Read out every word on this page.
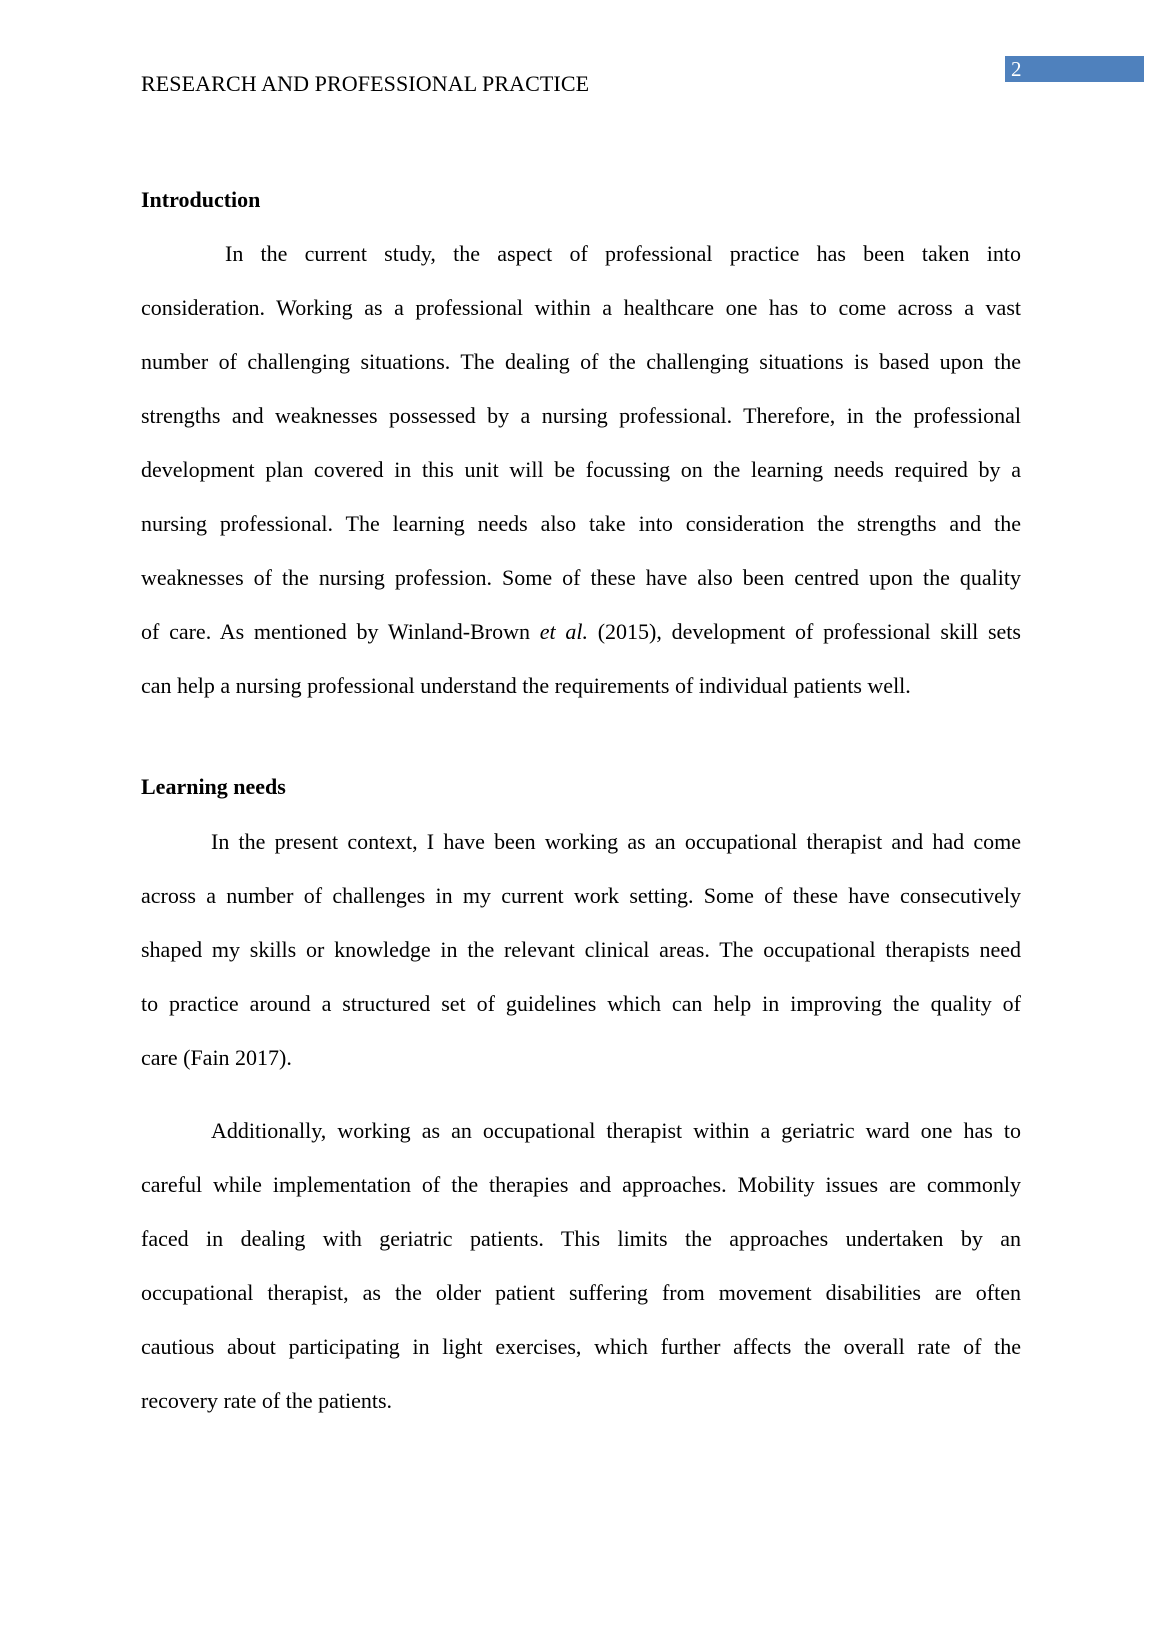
2
RESEARCH AND PROFESSIONAL PRACTICE
Introduction
In the current study, the aspect of professional practice has been taken into
consideration. Working as a professional within a healthcare one has to come across a vast
number of challenging situations. The dealing of the challenging situations is based upon the
strengths and weaknesses possessed by a nursing professional. Therefore, in the professional
development plan covered in this unit will be focussing on the learning needs required by a
nursing professional. The learning needs also take into consideration the strengths and the
weaknesses of the nursing profession. Some of these have also been centred upon the quality
of care. As mentioned by Winland-Brown et al. (2015), development of professional skill sets
can help a nursing professional understand the requirements of individual patients well.
Learning needs
In the present context, I have been working as an occupational therapist and had come
across a number of challenges in my current work setting. Some of these have consecutively
shaped my skills or knowledge in the relevant clinical areas. The occupational therapists need
to practice around a structured set of guidelines which can help in improving the quality of
care (Fain 2017).
Additionally, working as an occupational therapist within a geriatric ward one has to
careful while implementation of the therapies and approaches. Mobility issues are commonly
faced in dealing with geriatric patients. This limits the approaches undertaken by an
occupational therapist, as the older patient suffering from movement disabilities are often
cautious about participating in light exercises, which further affects the overall rate of the
recovery rate of the patients.
